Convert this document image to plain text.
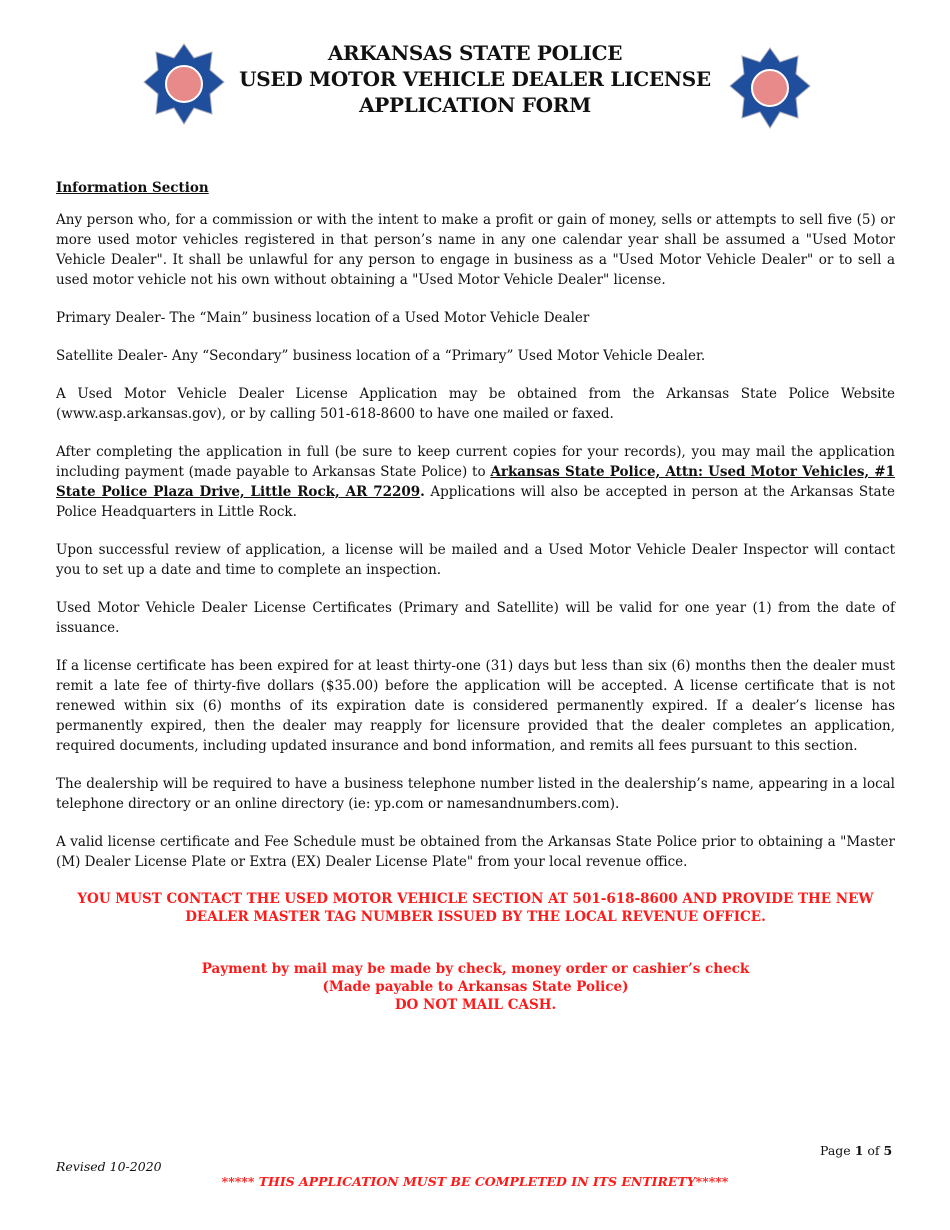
ARKANSAS STATE POLICE
USED MOTOR VEHICLE DEALER LICENSE
APPLICATION FORM

Information Section

Any person who, for a commission or with the intent to make a profit or gain of money, sells or attempts to sell five (5) or more used motor vehicles registered in that person’s name in any one calendar year shall be assumed a "Used Motor Vehicle Dealer". It shall be unlawful for any person to engage in business as a "Used Motor Vehicle Dealer" or to sell a used motor vehicle not his own without obtaining a "Used Motor Vehicle Dealer" license.

Primary Dealer- The “Main” business location of a Used Motor Vehicle Dealer

Satellite Dealer- Any “Secondary” business location of a “Primary” Used Motor Vehicle Dealer.

A Used Motor Vehicle Dealer License Application may be obtained from the Arkansas State Police Website (www.asp.arkansas.gov), or by calling 501-618-8600 to have one mailed or faxed.

After completing the application in full (be sure to keep current copies for your records), you may mail the application including payment (made payable to Arkansas State Police) to Arkansas State Police, Attn: Used Motor Vehicles, #1 State Police Plaza Drive, Little Rock, AR 72209. Applications will also be accepted in person at the Arkansas State Police Headquarters in Little Rock.

Upon successful review of application, a license will be mailed and a Used Motor Vehicle Dealer Inspector will contact you to set up a date and time to complete an inspection.

Used Motor Vehicle Dealer License Certificates (Primary and Satellite) will be valid for one year (1) from the date of issuance.

If a license certificate has been expired for at least thirty-one (31) days but less than six (6) months then the dealer must remit a late fee of thirty-five dollars ($35.00) before the application will be accepted. A license certificate that is not renewed within six (6) months of its expiration date is considered permanently expired. If a dealer’s license has permanently expired, then the dealer may reapply for licensure provided that the dealer completes an application, required documents, including updated insurance and bond information, and remits all fees pursuant to this section.

The dealership will be required to have a business telephone number listed in the dealership’s name, appearing in a local telephone directory or an online directory (ie: yp.com or namesandnumbers.com).

A valid license certificate and Fee Schedule must be obtained from the Arkansas State Police prior to obtaining a "Master (M) Dealer License Plate or Extra (EX) Dealer License Plate" from your local revenue office.

YOU MUST CONTACT THE USED MOTOR VEHICLE SECTION AT 501-618-8600 AND PROVIDE THE NEW DEALER MASTER TAG NUMBER ISSUED BY THE LOCAL REVENUE OFFICE.

Payment by mail may be made by check, money order or cashier’s check
(Made payable to Arkansas State Police)
DO NOT MAIL CASH.

Page 1 of 5
Revised 10-2020
***** THIS APPLICATION MUST BE COMPLETED IN ITS ENTIRETY*****
